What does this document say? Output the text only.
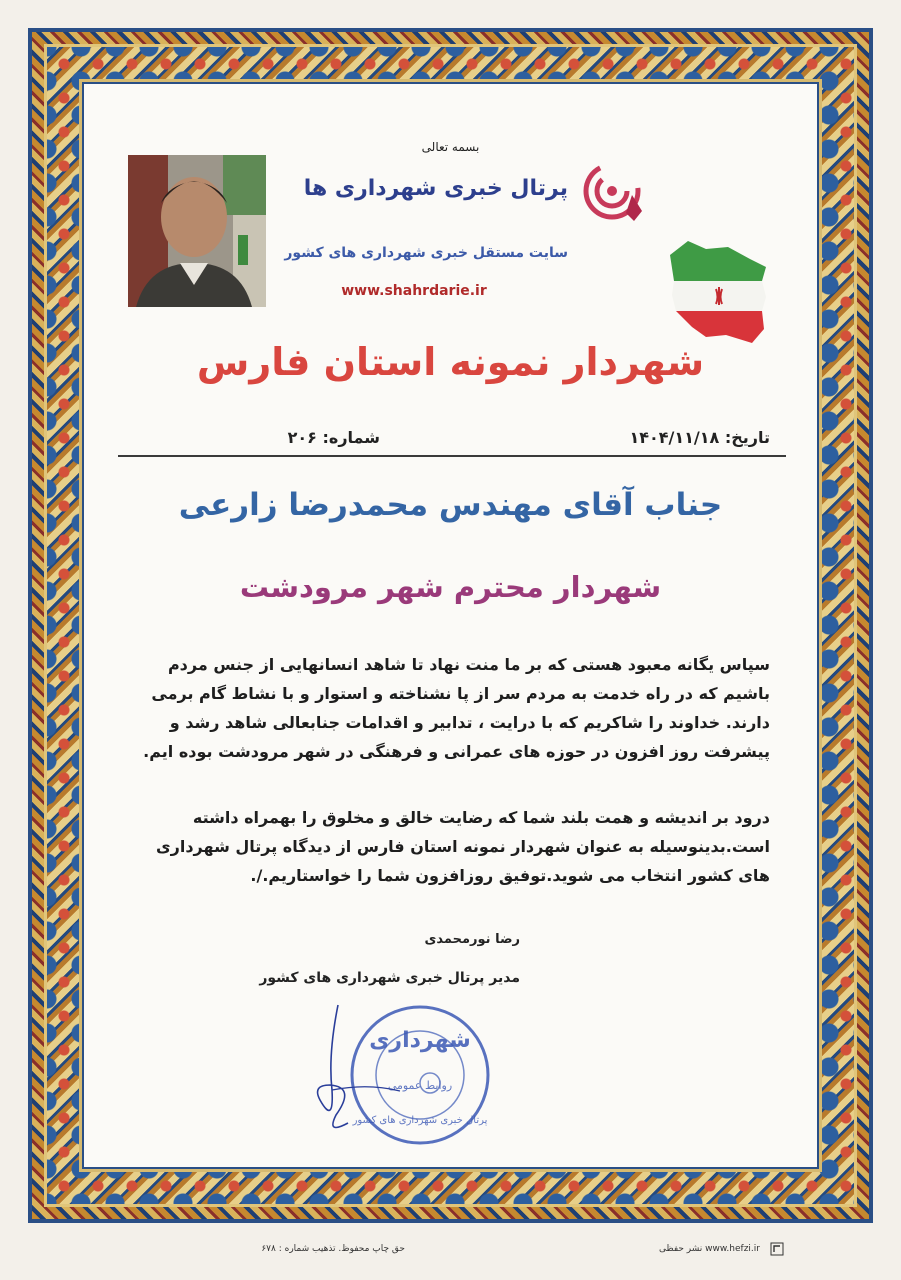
بسمه تعالی
پرتال خبری شهرداری ها
سایت مستقل خبری شهرداری های کشور
www.shahrdarie.ir
شهردار نمونه استان فارس
تاریخ: ۱۴۰۴/۱۱/۱۸
شماره: ۲۰۶
جناب آقای مهندس محمدرضا زارعی
شهردار محترم شهر مرودشت
سپاس یگانه معبود هستی که بر ما منت نهاد تا شاهد انسانهایی از جنس مردم
باشیم که در راه خدمت به مردم سر از پا نشناخته و استوار و با نشاط گام برمی
دارند. خداوند را شاکریم که با درایت ، تدابیر و اقدامات جنابعالی شاهد رشد و
پیشرفت روز افزون در حوزه های عمرانی و فرهنگی در شهر مرودشت بوده ایم.
درود بر اندیشه و همت بلند شما که رضایت خالق و مخلوق را بهمراه داشته
است.بدینوسیله به عنوان شهردار نمونه استان فارس از دیدگاه پرتال شهرداری
های کشور انتخاب می شوید.توفیق روزافزون شما را خواستاریم./.
رضا نورمحمدی
مدیر پرتال خبری شهرداری های کشور
شهرداری
روابط عمومی
پرتال خبری شهرداری های کشور
حق چاپ محفوظ. تذهیب شماره : ۶۷۸	www.hefzi.ir نشر حفظی
